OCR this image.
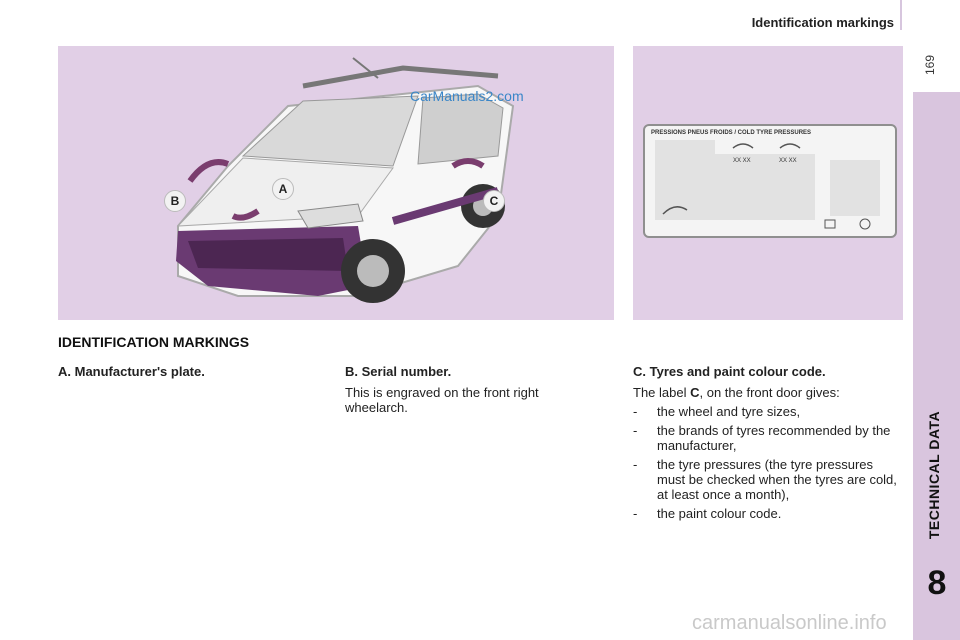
Identification markings
169
TECHNICAL DATA
8
CarManuals2.com
B
A
C
PRESSIONS PNEUS FROIDS / COLD TYRE PRESSURES
XX XX	XX XX
IDENTIFICATION MARKINGS
A. Manufacturer's plate.	B. Serial number.

This is engraved on the front right wheelarch.

C. Tyres and paint colour code.

The label C, on the front door gives:

- the wheel and tyre sizes,
- the brands of tyres recommended by the manufacturer,
- the tyre pressures (the tyre pressures must be checked when the tyres are cold, at least once a month),
- the paint colour code.
carmanualsonline.info
